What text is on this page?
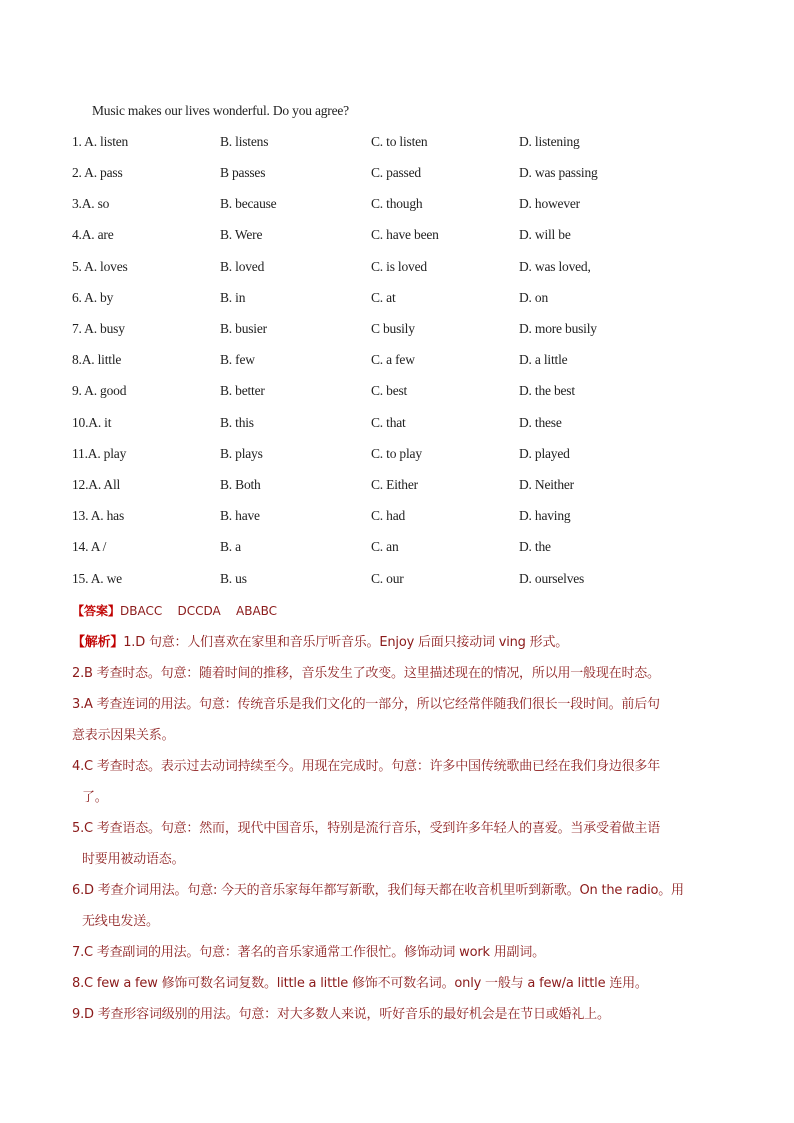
Music makes our lives wonderful. Do you agree?
1. A. listen	B. listens	C. to listen	D. listening
2. A. pass	B passes	C. passed	D. was passing
3.A. so	B. because	C. though	D. however
4.A. are	B. Were	C. have been	D. will be
5. A. loves	B. loved	C. is loved	D. was loved,
6. A. by	B. in	C. at	D. on
7. A. busy	B. busier	C busily	D. more busily
8.A. little	B. few	C. a few	D. a little
9. A. good	B. better	C. best	D. the best
10.A. it	B. this	C. that	D. these
11.A. play	B. plays	C. to play	D. played
12.A. All	B. Both	C. Either	D. Neither
13. A. has	B. have	C. had	D. having
14. A /	B. a	C. an	D. the
15. A. we	B. us	C. our	D. ourselves
【答案】DBACC    DCCDA    ABABC
【解析】1.D 句意：人们喜欢在家里和音乐厅听音乐。Enjoy 后面只接动词 ving 形式。
2.B 考查时态。句意：随着时间的推移，音乐发生了改变。这里描述现在的情况，所以用一般现在时态。
3.A 考查连词的用法。句意：传统音乐是我们文化的一部分，所以它经常伴随我们很长一段时间。前后句
意表示因果关系。
4.C 考查时态。表示过去动词持续至今。用现在完成时。句意：许多中国传统歌曲已经在我们身边很多年
了。
5.C 考查语态。句意：然而，现代中国音乐，特别是流行音乐，受到许多年轻人的喜爱。当承受着做主语
时要用被动语态。
6.D 考查介词用法。句意: 今天的音乐家每年都写新歌，我们每天都在收音机里听到新歌。On the radio。用
无线电发送。
7.C 考查副词的用法。句意：著名的音乐家通常工作很忙。修饰动词 work 用副词。
8.C few a few 修饰可数名词复数。little a little 修饰不可数名词。only 一般与 a few/a little 连用。
9.D 考查形容词级别的用法。句意：对大多数人来说，听好音乐的最好机会是在节日或婚礼上。
